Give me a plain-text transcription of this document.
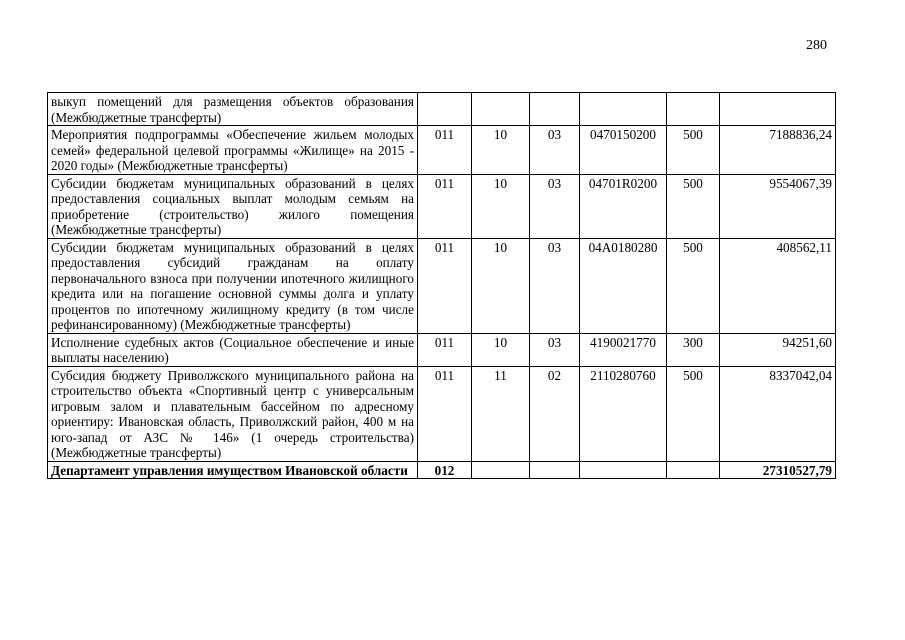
280
выкуп помещений для размещения объектов образования (Межбюджетные трансферты)						
Мероприятия подпрограммы «Обеспечение жильем молодых семей» федеральной целевой программы «Жилище» на 2015 - 2020 годы» (Межбюджетные трансферты)	011	10	03	0470150200	500	7188836,24
Субсидии бюджетам муниципальных образований в целях предоставления социальных выплат молодым семьям на приобретение (строительство) жилого помещения (Межбюджетные трансферты)	011	10	03	04701R0200	500	9554067,39
Субсидии бюджетам муниципальных образований в целях предоставления субсидий гражданам на оплату первоначального взноса при получении ипотечного жилищного кредита или на погашение основной суммы долга и уплату процентов по ипотечному жилищному кредиту (в том числе рефинансированному) (Межбюджетные трансферты)	011	10	03	04А0180280	500	408562,11
Исполнение судебных актов (Социальное обеспечение и иные выплаты населению)	011	10	03	4190021770	300	94251,60
Субсидия бюджету Приволжского муниципального района на строительство объекта «Спортивный центр с универсальным игровым залом и плавательным бассейном по адресному ориентиру: Ивановская область, Приволжский район, 400 м на юго-запад от АЗС № 146» (1 очередь строительства) (Межбюджетные трансферты)	011	11	02	2110280760	500	8337042,04
Департамент управления имуществом Ивановской области	012					27310527,79
